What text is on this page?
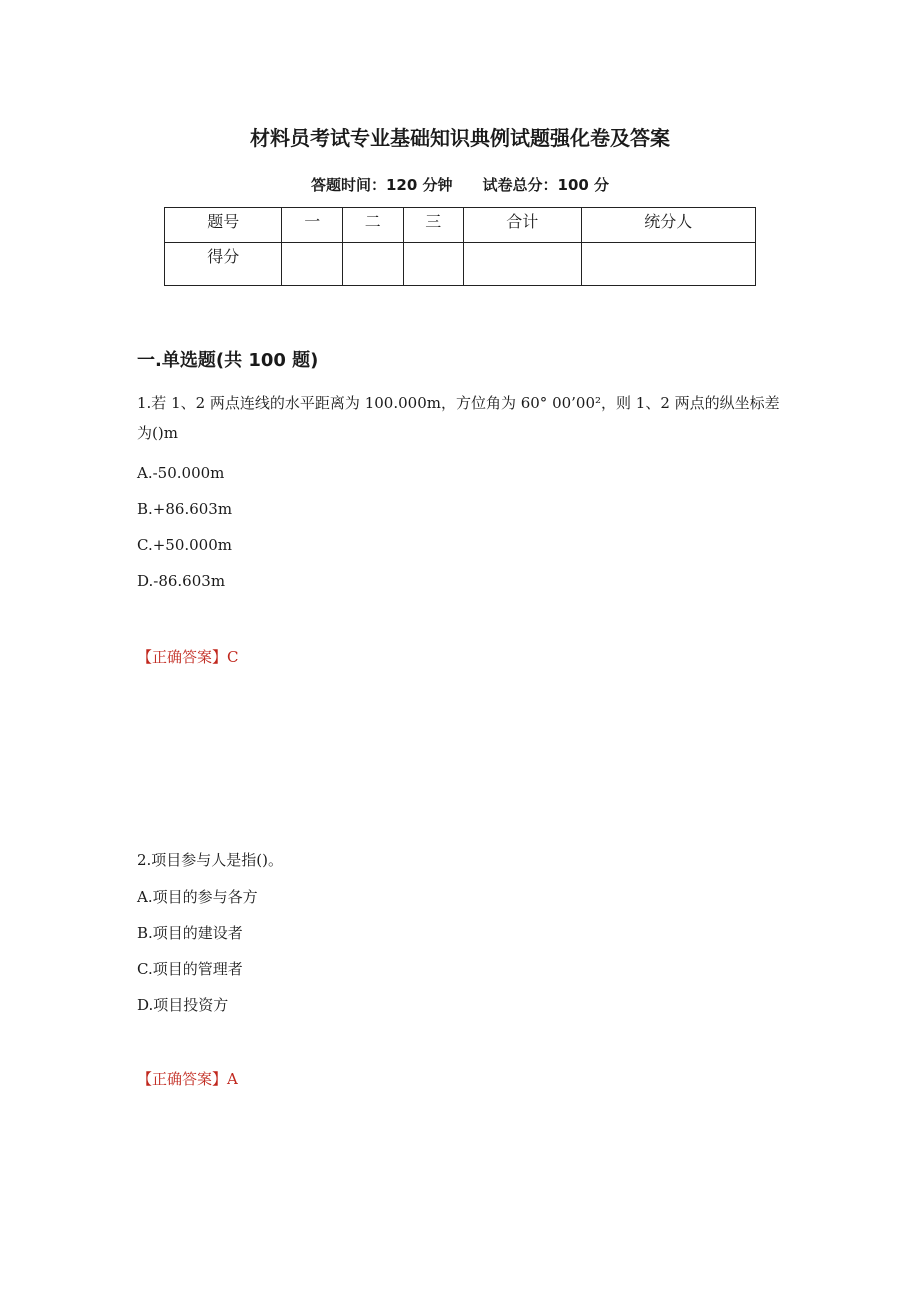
材料员考试专业基础知识典例试题强化卷及答案
答题时间：120 分钟 试卷总分：100 分
题号	一	二	三	合计	统分人
得分					
一.单选题(共 100 题)
1.若 1、2 两点连线的水平距离为 100.000m，方位角为 60° 00’00²，则 1、2 两点的纵坐标差为()m
A.-50.000m
B.+86.603m
C.+50.000m
D.-86.603m
【正确答案】C
2.项目参与人是指()。
A.项目的参与各方
B.项目的建设者
C.项目的管理者
D.项目投资方
【正确答案】A
